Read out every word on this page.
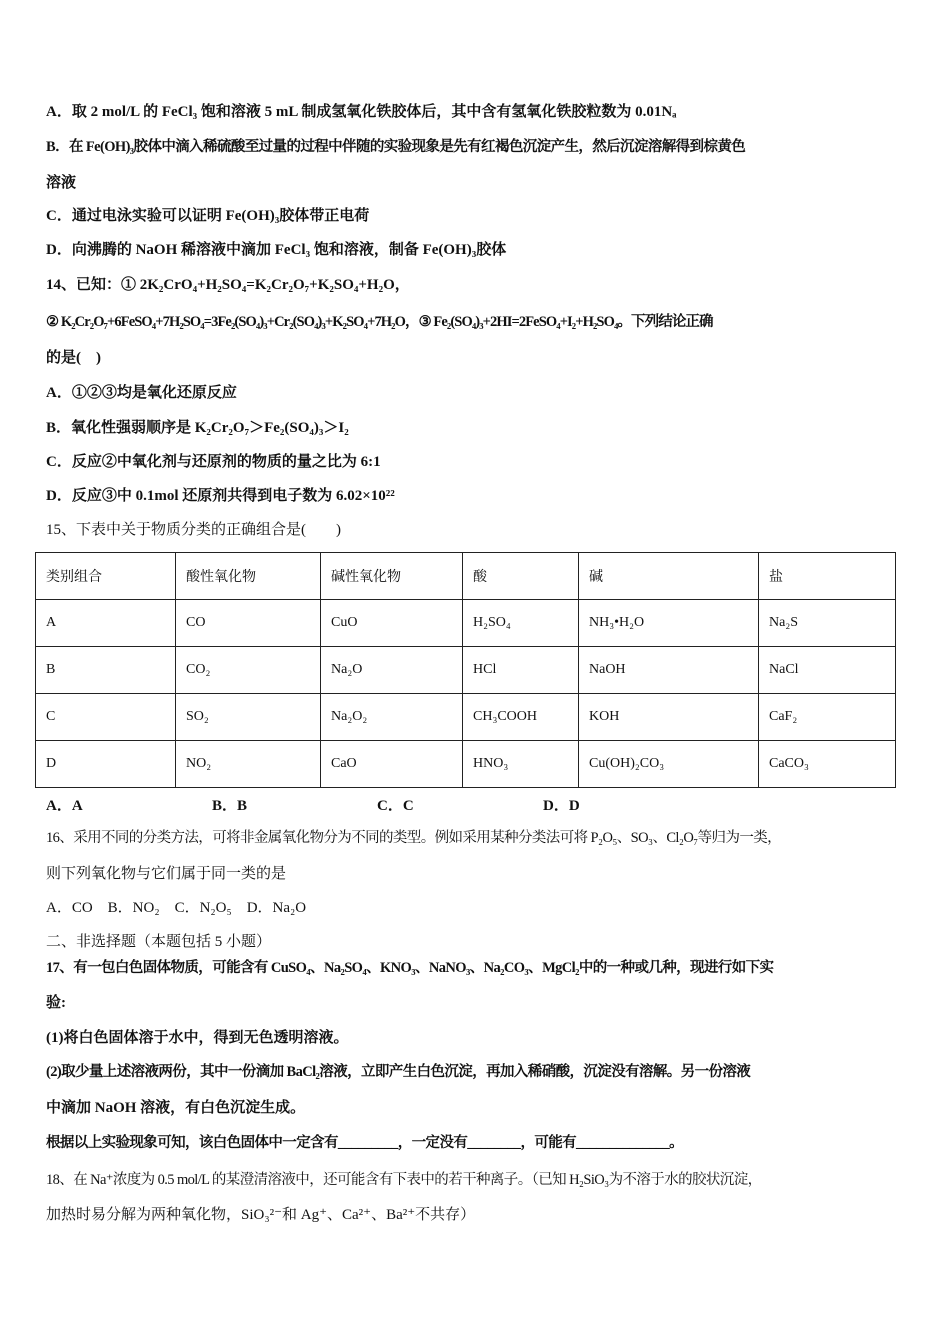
A．取 2 mol/L 的 FeCl₃ 饱和溶液 5 mL 制成氢氧化铁胶体后，其中含有氢氧化铁胶粒数为 0.01Nₐ
B．在 Fe(OH)₃胶体中滴入稀硫酸至过量的过程中伴随的实验现象是先有红褐色沉淀产生，然后沉淀溶解得到棕黄色
溶液
C．通过电泳实验可以证明 Fe(OH)₃胶体带正电荷
D．向沸腾的 NaOH 稀溶液中滴加 FeCl₃ 饱和溶液，制备 Fe(OH)₃胶体
14、已知：① 2K₂CrO₄+H₂SO₄=K₂Cr₂O₇+K₂SO₄+H₂O，
② K₂Cr₂O₇+6FeSO₄+7H₂SO₄=3Fe₂(SO₄)₃+Cr₂(SO₄)₃+K₂SO₄+7H₂O，③ Fe₂(SO₄)₃+2HI=2FeSO₄+I₂+H₂SO₄。下列结论正确
的是(　)
A．①②③均是氧化还原反应
B．氧化性强弱顺序是 K₂Cr₂O₇＞Fe₂(SO₄)₃＞I₂
C．反应②中氧化剂与还原剂的物质的量之比为 6:1
D．反应③中 0.1mol 还原剂共得到电子数为 6.02×10²²
15、下表中关于物质分类的正确组合是(　　)
类别组合	酸性氧化物	碱性氧化物	酸	碱	盐
A	CO	CuO	H₂SO₄	NH₃•H₂O	Na₂S
B	CO₂	Na₂O	HCl	NaOH	NaCl
C	SO₂	Na₂O₂	CH₃COOH	KOH	CaF₂
D	NO₂	CaO	HNO₃	Cu(OH)₂CO₃	CaCO₃
A．A	B．B	C．C	D．D
16、采用不同的分类方法，可将非金属氧化物分为不同的类型。例如采用某种分类法可将 P₂O₅、SO₃、Cl₂O₇等归为一类，
则下列氧化物与它们属于同一类的是
A．CO　B．NO₂　C．N₂O₅　D．Na₂O
二、非选择题（本题包括 5 小题）
17、有一包白色固体物质，可能含有 CuSO₄、Na₂SO₄、KNO₃、NaNO₃、Na₂CO₃、MgCl₂中的一种或几种，现进行如下实
验:
(1)将白色固体溶于水中，得到无色透明溶液。
(2)取少量上述溶液两份，其中一份滴加 BaCl₂溶液，立即产生白色沉淀，再加入稀硝酸，沉淀没有溶解。另一份溶液
中滴加 NaOH 溶液，有白色沉淀生成。
根据以上实验现象可知，该白色固体中一定含有_________，一定没有________，可能有______________。
18、在 Na⁺浓度为 0.5 mol/L 的某澄清溶液中，还可能含有下表中的若干种离子。（已知 H₂SiO₃为不溶于水的胶状沉淀，
加热时易分解为两种氧化物，SiO₃²⁻和 Ag⁺、Ca²⁺、Ba²⁺不共存）
